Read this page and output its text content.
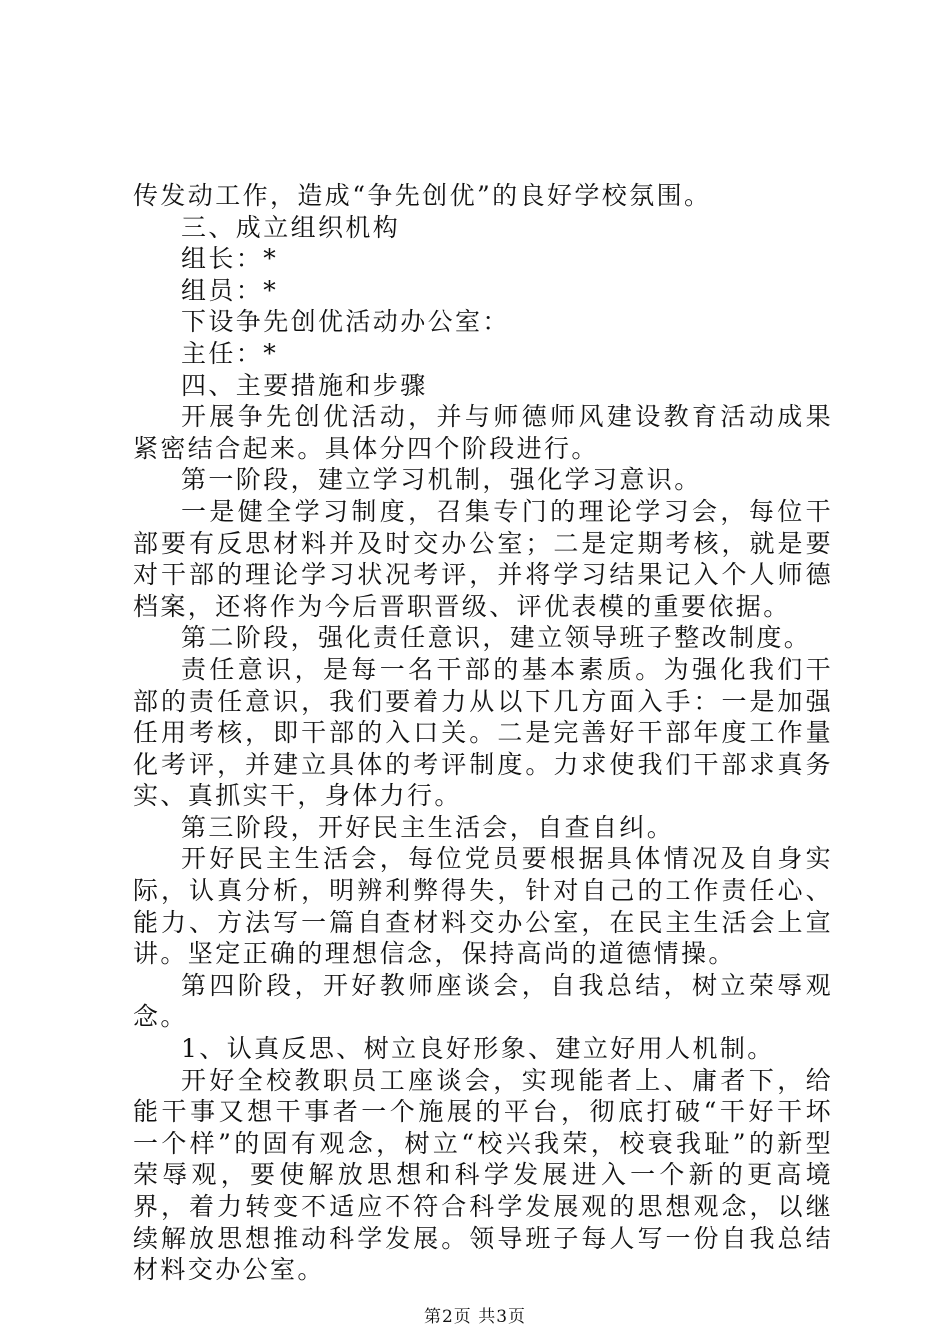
传发动工作，造成“争先创优”的良好学校氛围。

三、成立组织机构

组长：*

组员：*

下设争先创优活动办公室：

主任：*

四、主要措施和步骤

开展争先创优活动，并与师德师风建设教育活动成果紧密结合起来。具体分四个阶段进行。

第一阶段，建立学习机制，强化学习意识。

一是健全学习制度，召集专门的理论学习会，每位干部要有反思材料并及时交办公室；二是定期考核，就是要对干部的理论学习状况考评，并将学习结果记入个人师德档案，还将作为今后晋职晋级、评优表模的重要依据。

第二阶段，强化责任意识，建立领导班子整改制度。

责任意识，是每一名干部的基本素质。为强化我们干部的责任意识，我们要着力从以下几方面入手：一是加强任用考核，即干部的入口关。二是完善好干部年度工作量化考评，并建立具体的考评制度。力求使我们干部求真务实、真抓实干，身体力行。

第三阶段，开好民主生活会，自查自纠。

开好民主生活会，每位党员要根据具体情况及自身实际，认真分析，明辨利弊得失，针对自己的工作责任心、能力、方法写一篇自查材料交办公室，在民主生活会上宣讲。坚定正确的理想信念，保持高尚的道德情操。

第四阶段，开好教师座谈会，自我总结，树立荣辱观念。

1、认真反思、树立良好形象、建立好用人机制。

开好全校教职员工座谈会，实现能者上、庸者下，给能干事又想干事者一个施展的平台，彻底打破“干好干坏一个样”的固有观念，树立“校兴我荣，校衰我耻”的新型荣辱观，要使解放思想和科学发展进入一个新的更高境界，着力转变不适应不符合科学发展观的思想观念，以继续解放思想推动科学发展。领导班子每人写一份自我总结材料交办公室。

第2页 共3页
